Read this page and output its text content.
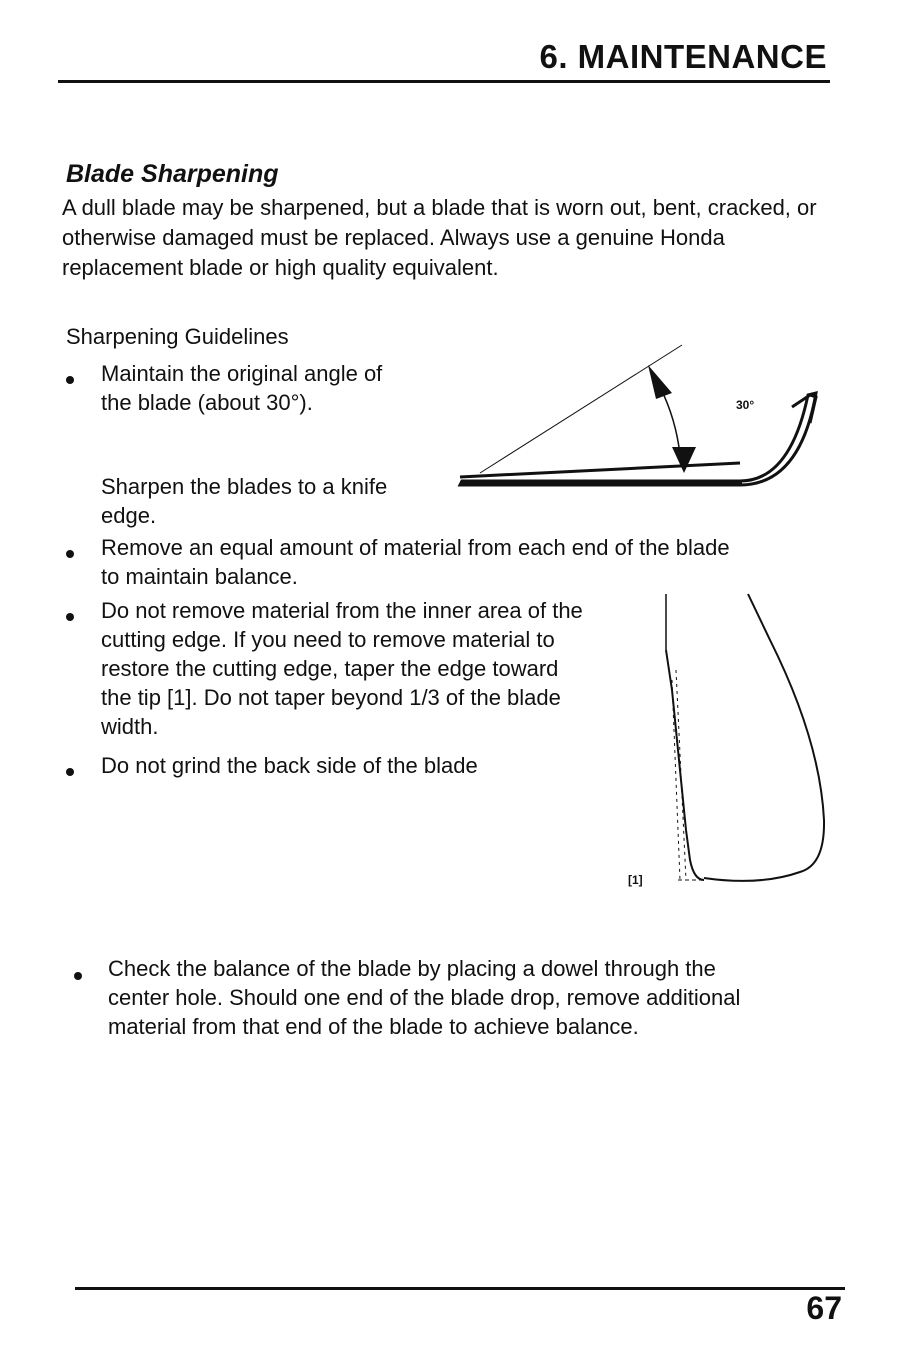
6. MAINTENANCE
Blade Sharpening

A dull blade may be sharpened, but a blade that is worn out, bent, cracked, or otherwise damaged must be replaced. Always use a genuine Honda replacement blade or high quality equivalent.

Sharpening Guidelines

Maintain the original angle of

the blade (about 30°).

Sharpen the blades to a knife

edge.

Remove an equal amount of material from each end of the blade

to maintain balance.

Do not remove material from the inner area of the

cutting edge. If you need to remove material to

restore the cutting edge, taper the edge toward

the tip [1]. Do not taper beyond 1/3 of the blade

width.

Do not grind the back side of the blade

Check the balance of the blade by placing a dowel through the

center hole. Should one end of the blade drop, remove additional

material from that end of the blade to achieve balance.

30°
[1]

67
